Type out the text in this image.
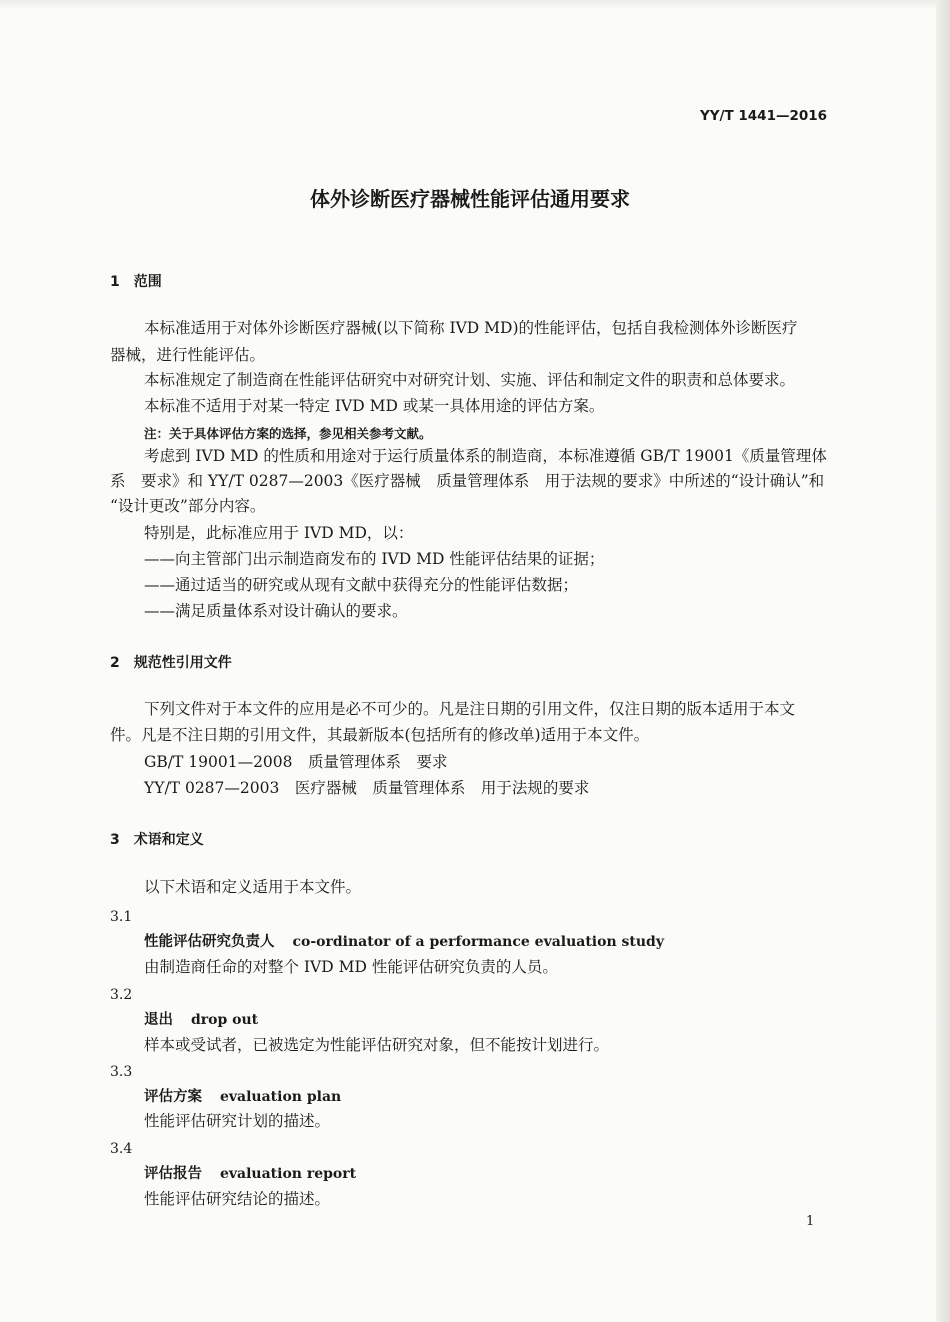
YY/T 1441—2016
体外诊断医疗器械性能评估通用要求
1　范围
本标准适用于对体外诊断医疗器械(以下简称 IVD MD)的性能评估，包括自我检测体外诊断医疗
器械，进行性能评估。
本标准规定了制造商在性能评估研究中对研究计划、实施、评估和制定文件的职责和总体要求。
本标准不适用于对某一特定 IVD MD 或某一具体用途的评估方案。
注：关于具体评估方案的选择，参见相关参考文献。
考虑到 IVD MD 的性质和用途对于运行质量体系的制造商，本标准遵循 GB/T 19001《质量管理体
系　要求》和 YY/T 0287—2003《医疗器械　质量管理体系　用于法规的要求》中所述的“设计确认”和
“设计更改”部分内容。
特别是，此标准应用于 IVD MD，以：
——向主管部门出示制造商发布的 IVD MD 性能评估结果的证据；
——通过适当的研究或从现有文献中获得充分的性能评估数据；
——满足质量体系对设计确认的要求。
2　规范性引用文件
下列文件对于本文件的应用是必不可少的。凡是注日期的引用文件，仅注日期的版本适用于本文
件。凡是不注日期的引用文件，其最新版本(包括所有的修改单)适用于本文件。
GB/T 19001—2008　质量管理体系　要求
YY/T 0287—2003　医疗器械　质量管理体系　用于法规的要求
3　术语和定义
以下术语和定义适用于本文件。
3.1
性能评估研究负责人 co-ordinator of a performance evaluation study
由制造商任命的对整个 IVD MD 性能评估研究负责的人员。
3.2
退出 drop out
样本或受试者，已被选定为性能评估研究对象，但不能按计划进行。
3.3
评估方案 evaluation plan
性能评估研究计划的描述。
3.4
评估报告 evaluation report
性能评估研究结论的描述。
1
